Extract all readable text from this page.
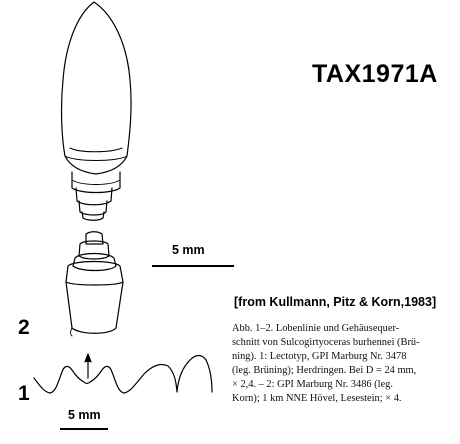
TAX1971A
5 mm
[from Kullmann, Pitz & Korn,1983]
Abb. 1–2. Lobenlinie und Gehäusequer-
schnitt von Sulcogirtyoceras burhennei (Brü-
ning). 1: Lectotyp, GPI Marburg Nr. 3478
(leg. Brüning); Herdringen. Bei D = 24 mm,
× 2,4. – 2: GPI Marburg Nr. 3486 (leg.
Korn); 1 km NNE Hövel, Lesestein; × 4.
2
1
5 mm
